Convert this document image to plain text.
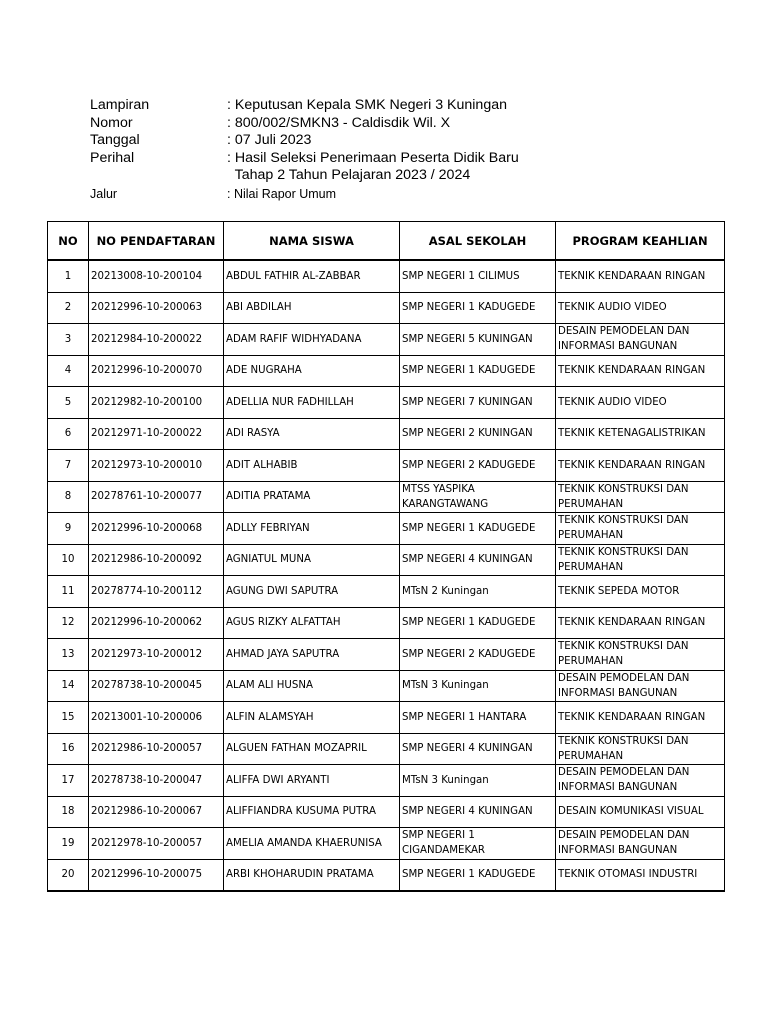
Lampiran	: Keputusan Kepala SMK Negeri 3 Kuningan
Nomor	: 800/002/SMKN3 - Caldisdik Wil. X
Tanggal	: 07 Juli 2023
Perihal	: Hasil Seleksi Penerimaan Peserta Didik Baru
Tahap 2 Tahun Pelajaran 2023 / 2024
Jalur	: Nilai Rapor Umum
NO	NO PENDAFTARAN	NAMA SISWA	ASAL SEKOLAH	PROGRAM KEAHLIAN
1	20213008-10-200104	ABDUL FATHIR AL-ZABBAR	SMP NEGERI 1 CILIMUS	TEKNIK KENDARAAN RINGAN
2	20212996-10-200063	ABI ABDILAH	SMP NEGERI 1 KADUGEDE	TEKNIK AUDIO VIDEO
3	20212984-10-200022	ADAM RAFIF WIDHYADANA	SMP NEGERI 5 KUNINGAN	DESAIN PEMODELAN DAN INFORMASI BANGUNAN
4	20212996-10-200070	ADE NUGRAHA	SMP NEGERI 1 KADUGEDE	TEKNIK KENDARAAN RINGAN
5	20212982-10-200100	ADELLIA NUR FADHILLAH	SMP NEGERI 7 KUNINGAN	TEKNIK AUDIO VIDEO
6	20212971-10-200022	ADI RASYA	SMP NEGERI 2 KUNINGAN	TEKNIK KETENAGALISTRIKAN
7	20212973-10-200010	ADIT ALHABIB	SMP NEGERI 2 KADUGEDE	TEKNIK KENDARAAN RINGAN
8	20278761-10-200077	ADITIA PRATAMA	MTSS YASPIKA KARANGTAWANG	TEKNIK KONSTRUKSI DAN PERUMAHAN
9	20212996-10-200068	ADLLY FEBRIYAN	SMP NEGERI 1 KADUGEDE	TEKNIK KONSTRUKSI DAN PERUMAHAN
10	20212986-10-200092	AGNIATUL MUNA	SMP NEGERI 4 KUNINGAN	TEKNIK KONSTRUKSI DAN PERUMAHAN
11	20278774-10-200112	AGUNG DWI SAPUTRA	MTsN 2 Kuningan	TEKNIK SEPEDA MOTOR
12	20212996-10-200062	AGUS RIZKY ALFATTAH	SMP NEGERI 1 KADUGEDE	TEKNIK KENDARAAN RINGAN
13	20212973-10-200012	AHMAD JAYA SAPUTRA	SMP NEGERI 2 KADUGEDE	TEKNIK KONSTRUKSI DAN PERUMAHAN
14	20278738-10-200045	ALAM ALI HUSNA	MTsN 3 Kuningan	DESAIN PEMODELAN DAN INFORMASI BANGUNAN
15	20213001-10-200006	ALFIN ALAMSYAH	SMP NEGERI 1 HANTARA	TEKNIK KENDARAAN RINGAN
16	20212986-10-200057	ALGUEN FATHAN MOZAPRIL	SMP NEGERI 4 KUNINGAN	TEKNIK KONSTRUKSI DAN PERUMAHAN
17	20278738-10-200047	ALIFFA DWI ARYANTI	MTsN 3 Kuningan	DESAIN PEMODELAN DAN INFORMASI BANGUNAN
18	20212986-10-200067	ALIFFIANDRA KUSUMA PUTRA	SMP NEGERI 4 KUNINGAN	DESAIN KOMUNIKASI VISUAL
19	20212978-10-200057	AMELIA AMANDA KHAERUNISA	SMP NEGERI 1 CIGANDAMEKAR	DESAIN PEMODELAN DAN INFORMASI BANGUNAN
20	20212996-10-200075	ARBI KHOHARUDIN PRATAMA	SMP NEGERI 1 KADUGEDE	TEKNIK OTOMASI INDUSTRI
